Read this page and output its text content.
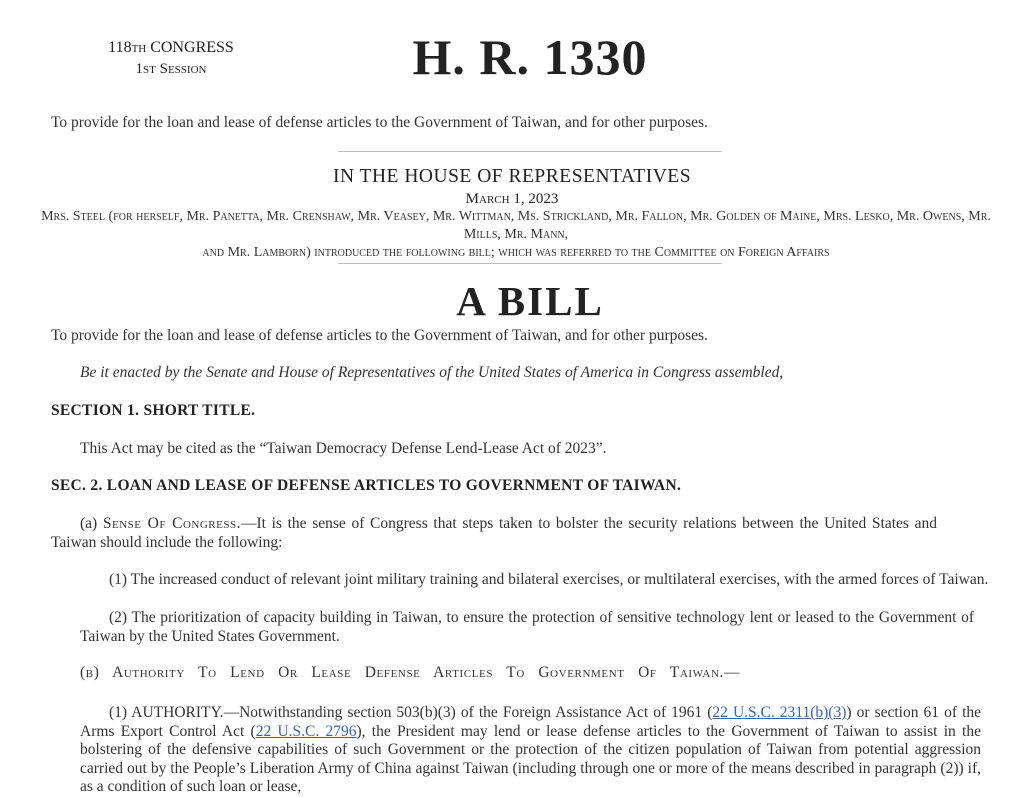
118TH CONGRESS
1ST Session	H. R. 1330
To provide for the loan and lease of defense articles to the Government of Taiwan, and for other purposes.
IN THE HOUSE OF REPRESENTATIVES
March 1, 2023
Mrs. Steel (for herself, Mr. Panetta, Mr. Crenshaw, Mr. Veasey, Mr. Wittman, Ms. Strickland, Mr. Fallon, Mr. Golden of Maine, Mrs. Lesko, Mr. Owens, Mr. Mills, Mr. Mann,
and Mr. Lamborn) introduced the following bill; which was referred to the Committee on Foreign Affairs
A BILL
To provide for the loan and lease of defense articles to the Government of Taiwan, and for other purposes.
Be it enacted by the Senate and House of Representatives of the United States of America in Congress assembled,
SECTION 1. SHORT TITLE.
This Act may be cited as the “Taiwan Democracy Defense Lend-Lease Act of 2023”.
SEC. 2. LOAN AND LEASE OF DEFENSE ARTICLES TO GOVERNMENT OF TAIWAN.
(a) Sense Of Congress.—It is the sense of Congress that steps taken to bolster the security relations between the United States and Taiwan should include the following:
(1) The increased conduct of relevant joint military training and bilateral exercises, or multilateral exercises, with the armed forces of Taiwan.
(2) The prioritization of capacity building in Taiwan, to ensure the protection of sensitive technology lent or leased to the Government of Taiwan by the United States Government.
(b) Authority To Lend Or Lease Defense Articles To Government Of Taiwan.—
(1) AUTHORITY.—Notwithstanding section 503(b)(3) of the Foreign Assistance Act of 1961 (22 U.S.C. 2311(b)(3)) or section 61 of the Arms Export Control Act (22 U.S.C. 2796), the President may lend or lease defense articles to the Government of Taiwan to assist in the bolstering of the defensive capabilities of such Government or the protection of the citizen population of Taiwan from potential aggression carried out by the People’s Liberation Army of China against Taiwan (including through one or more of the means described in paragraph (2)) if, as a condition of such loan or lease,
